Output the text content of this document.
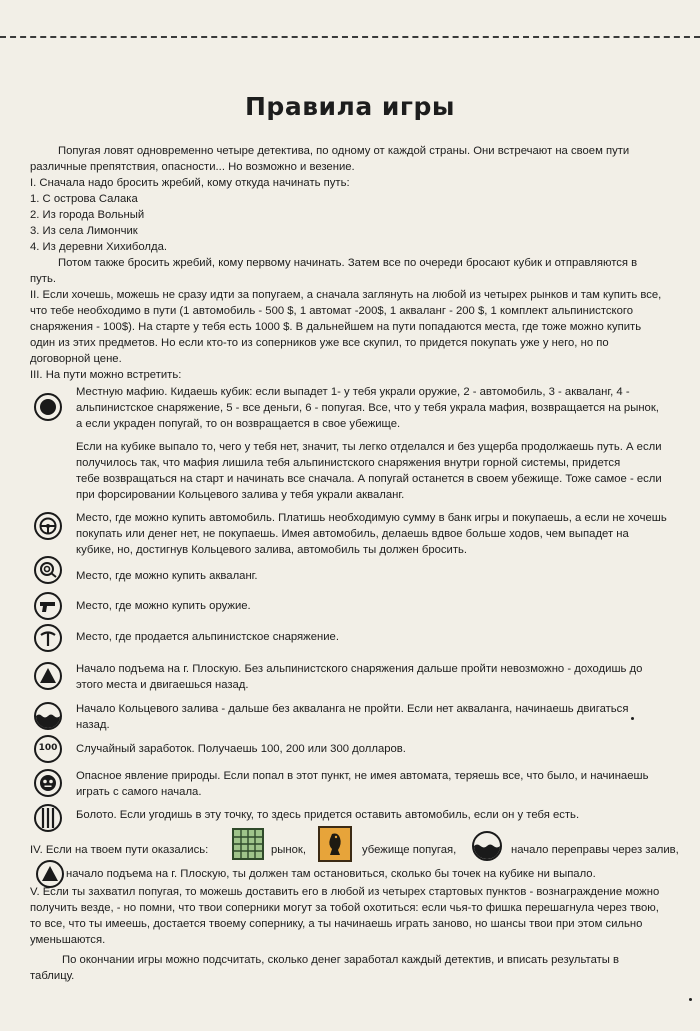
Правила игры
Попугая ловят одновременно четыре детектива, по одному от каждой страны. Они встречают на своем пути
различные препятствия, опасности... Но возможно и везение.
I. Сначала надо бросить жребий, кому откуда начинать путь:
1. С острова Салака
2. Из города Вольный
3. Из села Лимончик
4. Из деревни Хихиболда.
Потом также бросить жребий, кому первому начинать. Затем все по очереди бросают кубик и отправляются в
путь.
II. Если хочешь, можешь не сразу идти за попугаем, а сначала заглянуть на любой из четырех рынков и там купить все,
что тебе необходимо в пути (1 автомобиль - 500 $, 1 автомат -200$, 1 акваланг - 200 $, 1 комплект альпинистского
снаряжения - 100$). На старте у тебя есть 1000 $. В дальнейшем на пути попадаются места, где тоже можно купить
один из этих предметов. Но если кто-то из соперников уже все скупил, то придется покупать уже у него, но по
договорной цене.
III. На пути можно встретить:
Местную мафию. Кидаешь кубик: если выпадет 1- у тебя украли оружие, 2 - автомобиль, 3 - акваланг, 4 -
альпинистское снаряжение, 5 - все деньги, 6 - попугая. Все, что у тебя украла мафия, возвращается на рынок,
а если украден попугай, то он возвращается в свое убежище.
Если на кубике выпало то, чего у тебя нет, значит, ты легко отделался и без ущерба продолжаешь путь. А если
получилось так, что мафия лишила тебя альпинистского снаряжения внутри горной системы, придется
тебе возвращаться на старт и начинать все сначала. А попугай останется в своем убежище. Тоже самое - если
при форсировании Кольцевого залива у тебя украли акваланг.
Место, где можно купить автомобиль. Платишь необходимую сумму в банк игры и покупаешь, а если не хочешь
покупать или денег нет, не покупаешь. Имея автомобиль, делаешь вдвое больше ходов, чем выпадет на
кубике, но, достигнув Кольцевого залива, автомобиль ты должен бросить.
Место, где можно купить акваланг.
Место, где можно купить оружие.
Место, где продается альпинистское снаряжение.
Начало подъема на г. Плоскую. Без альпинистского снаряжения дальше пройти невозможно - доходишь до
этого места и двигаешься назад.
Начало Кольцевого залива - дальше без акваланга не пройти. Если нет акваланга, начинаешь двигаться
назад.
100 Случайный заработок. Получаешь 100, 200 или 300 долларов.
Опасное явление природы. Если попал в этот пункт, не имея автомата, теряешь все, что было, и начинаешь
играть с самого начала.
Болото. Если угодишь в эту точку, то здесь придется оставить автомобиль, если он у тебя есть.
IV. Если на твоем пути оказались:	рынок,	убежище попугая,	начало переправы через залив,
начало подъема на г. Плоскую, ты должен там остановиться, сколько бы точек на кубике ни выпало.
V. Если ты захватил попугая, то можешь доставить его в любой из четырех стартовых пунктов - вознаграждение можно
получить везде, - но помни, что твои соперники могут за тобой охотиться: если чья-то фишка перешагнула через твою,
то все, что ты имеешь, достается твоему сопернику, а ты начинаешь играть заново, но шансы твои при этом сильно
уменьшаются.
По окончании игры можно подсчитать, сколько денег заработал каждый детектив, и вписать результаты в
таблицу.
